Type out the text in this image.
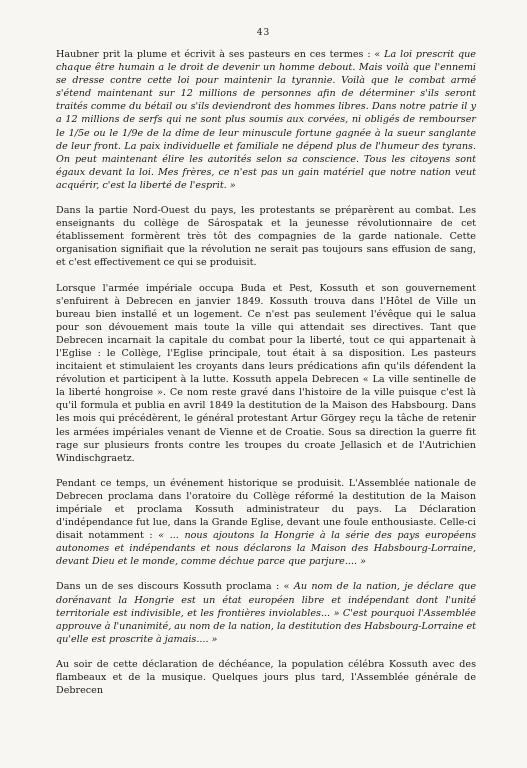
43

Haubner prit la plume et écrivit à ses pasteurs en ces termes : « La loi prescrit que chaque être humain a le droit de devenir un homme debout. Mais voilà que l'ennemi se dresse contre cette loi pour maintenir la tyrannie. Voilà que le combat armé s'étend maintenant sur 12 millions de personnes afin de déterminer s'ils seront traités comme du bétail ou s'ils deviendront des hommes libres. Dans notre patrie il y a 12 millions de serfs qui ne sont plus soumis aux corvées, ni obligés de rembourser le 1/5e ou le 1/9e de la dîme de leur minuscule fortune gagnée à la sueur sanglante de leur front. La paix individuelle et familiale ne dépend plus de l'humeur des tyrans. On peut maintenant élire les autorités selon sa conscience. Tous les citoyens sont égaux devant la loi. Mes frères, ce n'est pas un gain matériel que notre nation veut acquérir, c'est la liberté de l'esprit. »

Dans la partie Nord-Ouest du pays, les protestants se préparèrent au combat. Les enseignants du collège de Sárospatak et la jeunesse révolutionnaire de cet établissement formèrent très tôt des compagnies de la garde nationale. Cette organisation signifiait que la révolution ne serait pas toujours sans effusion de sang, et c'est effectivement ce qui se produisit.

Lorsque l'armée impériale occupa Buda et Pest, Kossuth et son gouvernement s'enfuirent à Debrecen en janvier 1849. Kossuth trouva dans l'Hôtel de Ville un bureau bien installé et un logement. Ce n'est pas seulement l'évêque qui le salua pour son dévouement mais toute la ville qui attendait ses directives. Tant que Debrecen incarnait la capitale du combat pour la liberté, tout ce qui appartenait à l'Eglise : le Collège, l'Eglise principale, tout était à sa disposition. Les pasteurs incitaient et stimulaient les croyants dans leurs prédications afin qu'ils défendent la révolution et participent à la lutte. Kossuth appela Debrecen « La ville sentinelle de la liberté hongroise ». Ce nom reste gravé dans l'histoire de la ville puisque c'est là qu'il formula et publia en avril 1849 la destitution de la Maison des Habsbourg. Dans les mois qui précédèrent, le général protestant Artur Görgey reçu la tâche de retenir les armées impériales venant de Vienne et de Croatie. Sous sa direction la guerre fit rage sur plusieurs fronts contre les troupes du croate Jellasich et de l'Autrichien Windischgraetz.

Pendant ce temps, un événement historique se produisit. L'Assemblée nationale de Debrecen proclama dans l'oratoire du Collège réformé la destitution de la Maison impériale et proclama Kossuth administrateur du pays. La Déclaration d'indépendance fut lue, dans la Grande Eglise, devant une foule enthousiaste. Celle-ci disait notamment : « ... nous ajoutons la Hongrie à la série des pays européens autonomes et indépendants et nous déclarons la Maison des Habsbourg-Lorraine, devant Dieu et le monde, comme déchue parce que parjure.... »

Dans un de ses discours Kossuth proclama : « Au nom de la nation, je déclare que dorénavant la Hongrie est un état européen libre et indépendant dont l'unité territoriale est indivisible, et les frontières inviolables... » C'est pourquoi l'Assemblée approuve à l'unanimité, au nom de la nation, la destitution des Habsbourg-Lorraine et qu'elle est proscrite à jamais.... »

Au soir de cette déclaration de déchéance, la population célébra Kossuth avec des flambeaux et de la musique. Quelques jours plus tard, l'Assemblée générale de Debrecen
